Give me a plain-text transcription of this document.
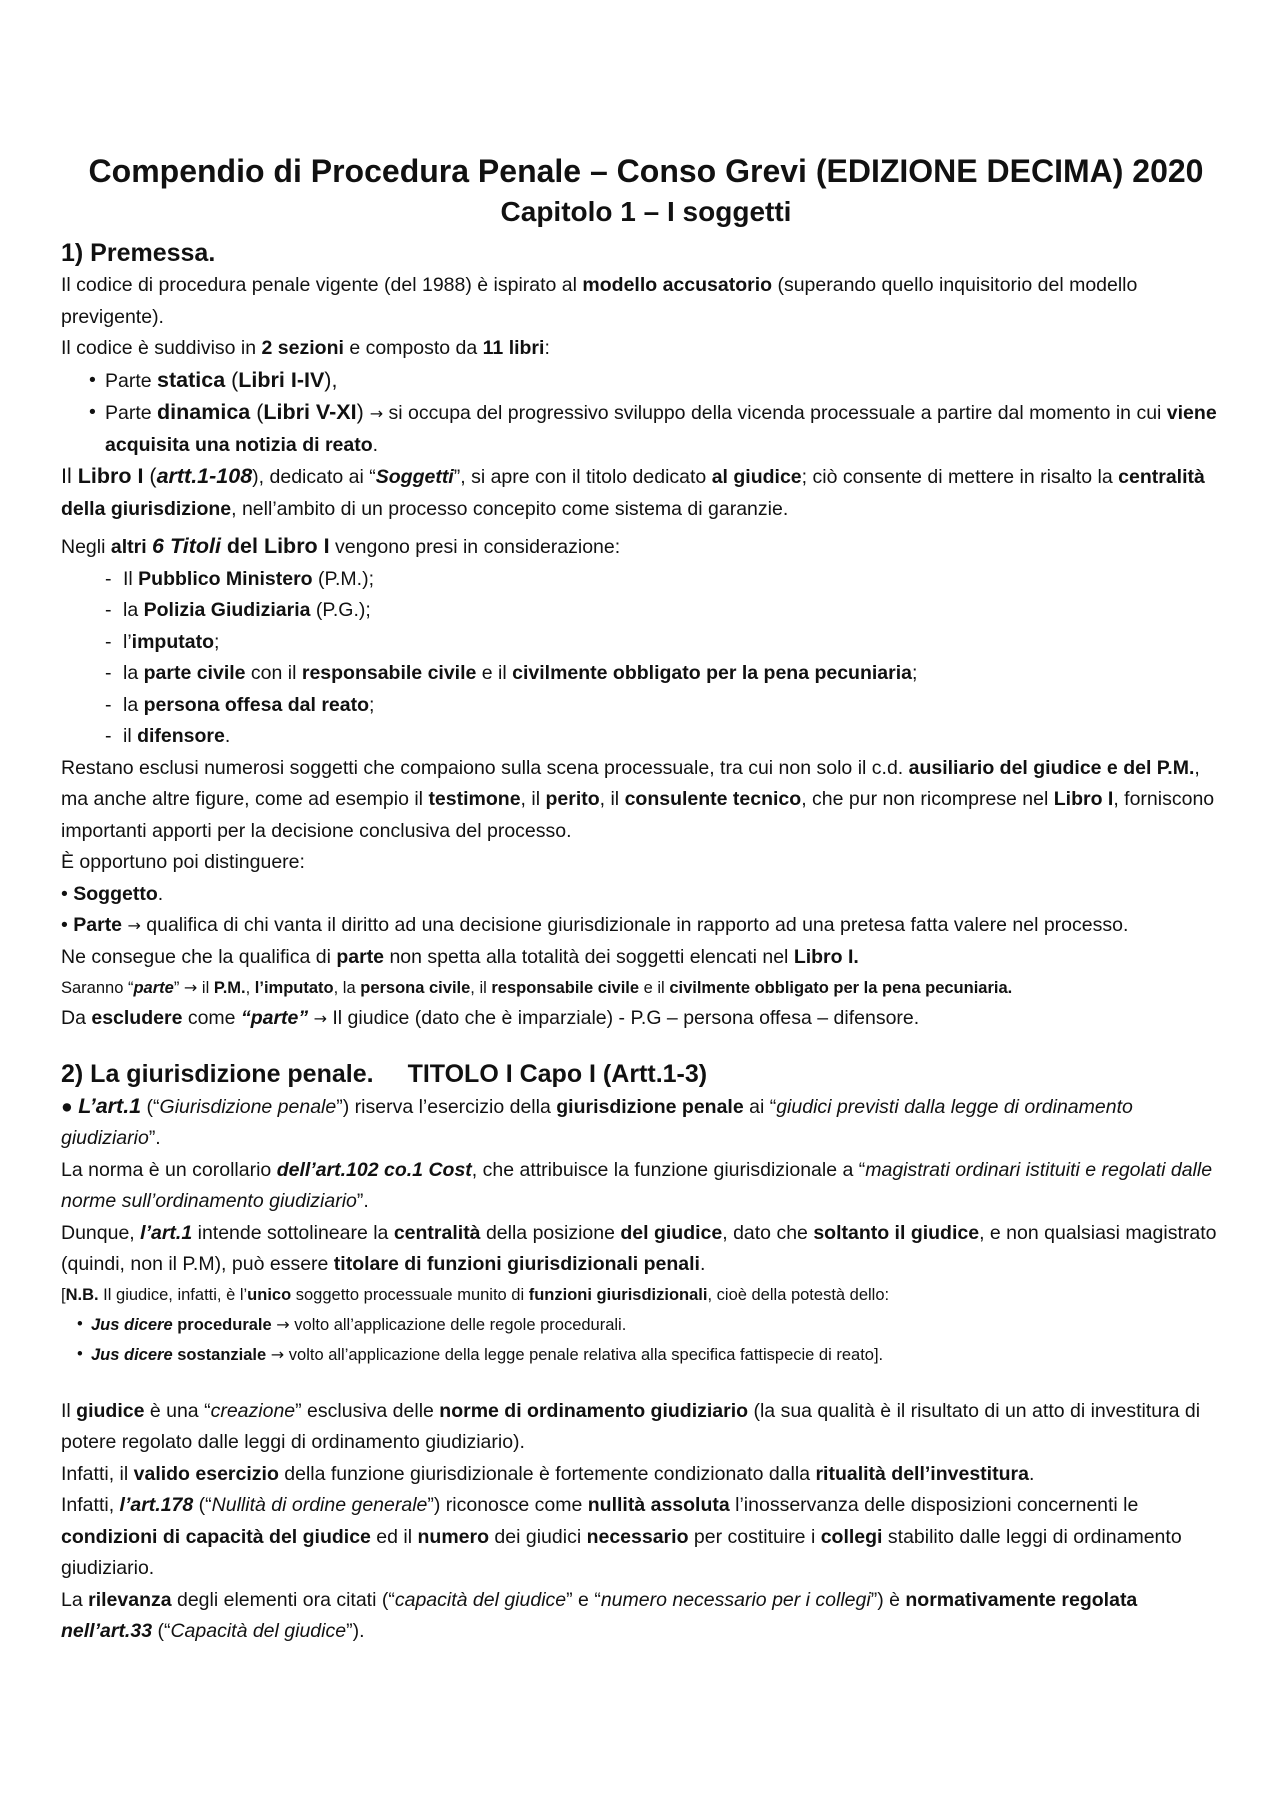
Compendio di Procedura Penale – Conso Grevi (EDIZIONE DECIMA) 2020
Capitolo 1 – I soggetti
1) Premessa.

Il codice di procedura penale vigente (del 1988) è ispirato al modello accusatorio (superando quello inquisitorio del modello previgente).

Il codice è suddiviso in 2 sezioni e composto da 11 libri:

• Parte statica (Libri I-IV),
• Parte dinamica (Libri V-XI) → si occupa del progressivo sviluppo della vicenda processuale a partire dal momento in cui viene acquisita una notizia di reato.

Il Libro I (artt.1-108), dedicato ai “Soggetti”, si apre con il titolo dedicato al giudice; ciò consente di mettere in risalto la centralità della giurisdizione, nell’ambito di un processo concepito come sistema di garanzie.

Negli altri 6 Titoli del Libro I vengono presi in considerazione:

- Il Pubblico Ministero (P.M.);
- la Polizia Giudiziaria (P.G.);
- l’imputato;
- la parte civile con il responsabile civile e il civilmente obbligato per la pena pecuniaria;
- la persona offesa dal reato;
- il difensore.

Restano esclusi numerosi soggetti che compaiono sulla scena processuale, tra cui non solo il c.d. ausiliario del giudice e del P.M., ma anche altre figure, come ad esempio il testimone, il perito, il consulente tecnico, che pur non ricomprese nel Libro I, forniscono importanti apporti per la decisione conclusiva del processo.

È opportuno poi distinguere:

• Soggetto.
• Parte → qualifica di chi vanta il diritto ad una decisione giurisdizionale in rapporto ad una pretesa fatta valere nel processo.

Ne consegue che la qualifica di parte non spetta alla totalità dei soggetti elencati nel Libro I.

Saranno “parte” → il P.M., l’imputato, la persona civile, il responsabile civile e il civilmente obbligato per la pena pecuniaria.

Da escludere come “parte” → Il giudice (dato che è imparziale) - P.G – persona offesa – difensore.

2) La giurisdizione penale. TITOLO I Capo I (Artt.1-3)

● L’art.1 (“Giurisdizione penale”) riserva l’esercizio della giurisdizione penale ai “giudici previsti dalla legge di ordinamento giudiziario”.

La norma è un corollario dell’art.102 co.1 Cost, che attribuisce la funzione giurisdizionale a “magistrati ordinari istituiti e regolati dalle norme sull’ordinamento giudiziario”.

Dunque, l’art.1 intende sottolineare la centralità della posizione del giudice, dato che soltanto il giudice, e non qualsiasi magistrato (quindi, non il P.M), può essere titolare di funzioni giurisdizionali penali.

[N.B. Il giudice, infatti, è l’unico soggetto processuale munito di funzioni giurisdizionali, cioè della potestà dello:

• Jus dicere procedurale → volto all’applicazione delle regole procedurali.
• Jus dicere sostanziale → volto all’applicazione della legge penale relativa alla specifica fattispecie di reato].

Il giudice è una “creazione” esclusiva delle norme di ordinamento giudiziario (la sua qualità è il risultato di un atto di investitura di potere regolato dalle leggi di ordinamento giudiziario).

Infatti, il valido esercizio della funzione giurisdizionale è fortemente condizionato dalla ritualità dell’investitura.

Infatti, l’art.178 (“Nullità di ordine generale”) riconosce come nullità assoluta l’inosservanza delle disposizioni concernenti le condizioni di capacità del giudice ed il numero dei giudici necessario per costituire i collegi stabilito dalle leggi di ordinamento giudiziario.

La rilevanza degli elementi ora citati (“capacità del giudice” e “numero necessario per i collegi”) è normativamente regolata nell’art.33 (“Capacità del giudice”).
